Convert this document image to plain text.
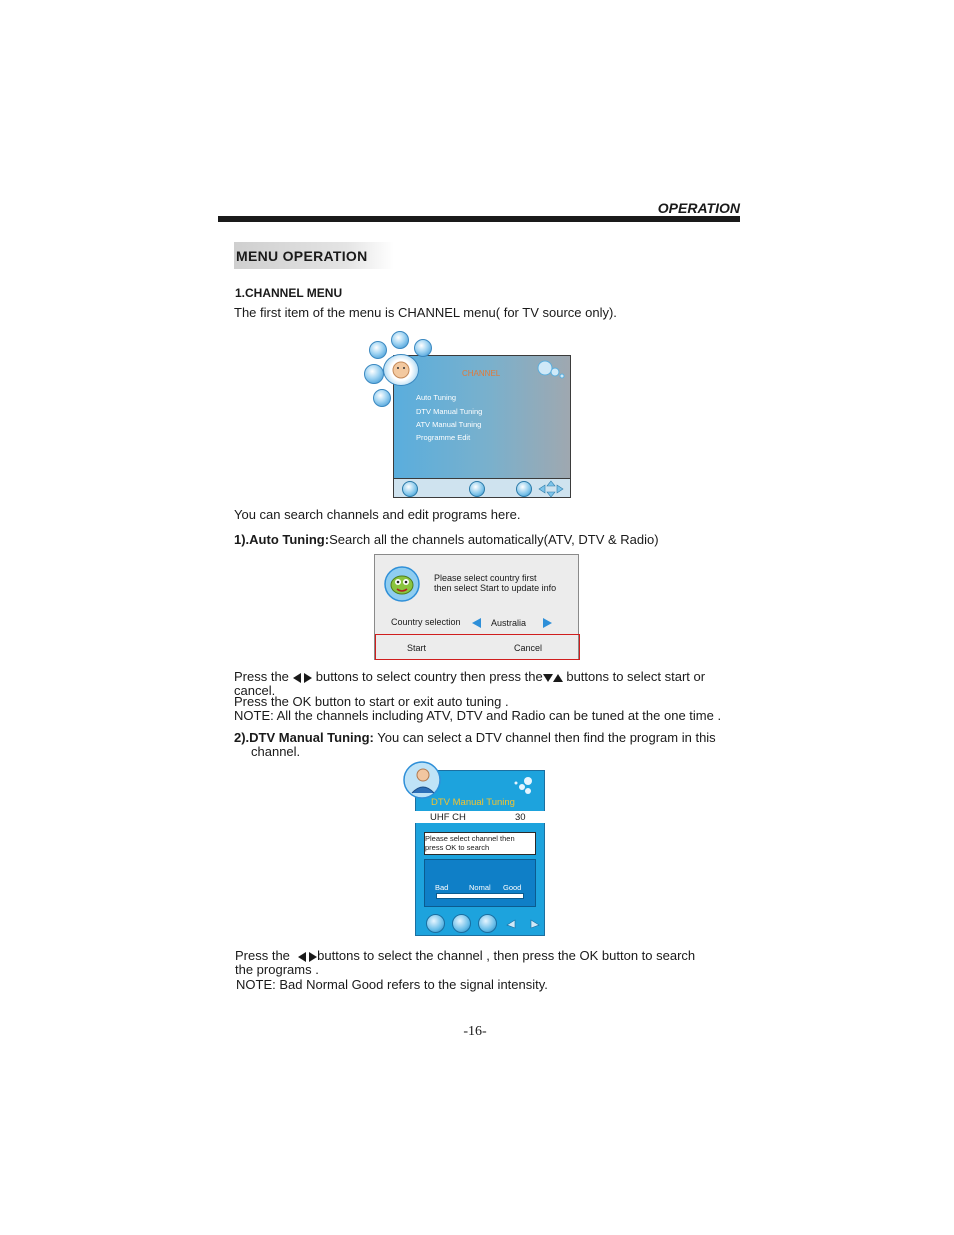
OPERATION
MENU OPERATION
1.CHANNEL MENU
The first item of the menu is CHANNEL menu( for TV source only).
CHANNEL
Auto Tuning
DTV Manual Tuning
ATV Manual Tuning
Programme Edit
You can search channels and edit programs here.
1).Auto Tuning:Search all the channels automatically(ATV, DTV & Radio)
Please select country first
then select Start to update info
Country selection	Australia
Start	Cancel
Press the buttons to select country then press the buttons to select start or
cancel.
Press the OK button to start or exit auto tuning .
NOTE: All the channels including ATV, DTV and Radio can be tuned at the one time .
2).DTV Manual Tuning: You can select a DTV channel then find the program in this
channel.
DTV Manual Tuning
UHF CH	30
Please select channel then
press OK to search
Bad	Nomal Good
Press the buttons to select the channel , then press the OK button to search
the programs .
NOTE: Bad Normal Good refers to the signal intensity.
-16-
